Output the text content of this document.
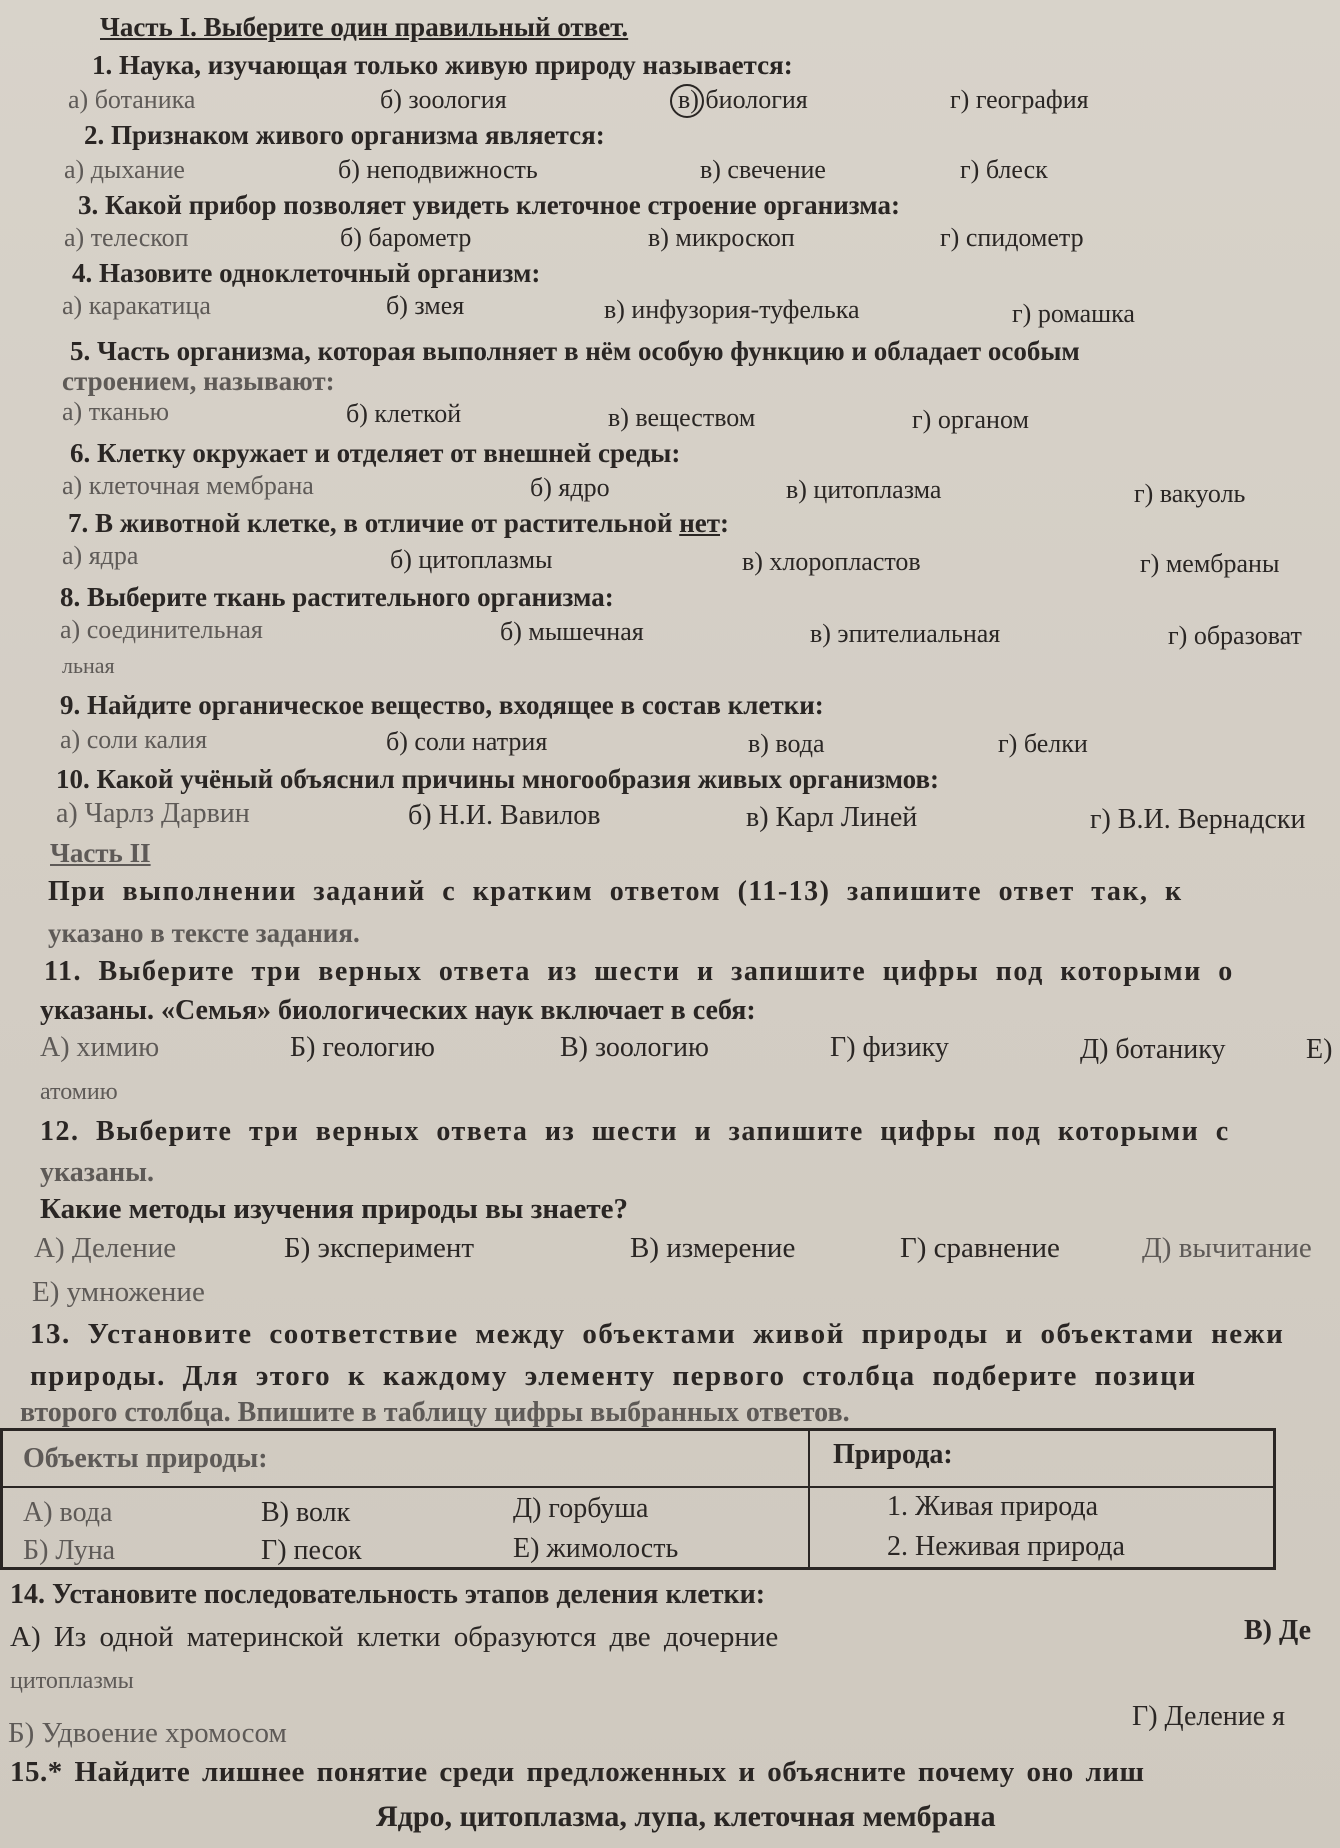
Часть I. Выберите один правильный ответ.
1. Наука, изучающая только живую природу называется:
а) ботаника	б) зоология	в) биология	г) география
2. Признаком живого организма является:
а) дыхание	б) неподвижность	в) свечение	г) блеск
3. Какой прибор позволяет увидеть клеточное строение организма:
а) телескоп	б) барометр	в) микроскоп	г) спидометр
4. Назовите одноклеточный организм:
а) каракатица	б) змея	в) инфузория-туфелька	г) ромашка
5. Часть организма, которая выполняет в нём особую функцию и обладает особым
строением, называют:
а) тканью	б) клеткой	в) веществом	г) органом
6. Клетку окружает и отделяет от внешней среды:
а) клеточная мембрана	б) ядро	в) цитоплазма	г) вакуоль
7. В животной клетке, в отличие от растительной нет:
а) ядра	б) цитоплазмы	в) хлоропластов	г) мембраны
8. Выберите ткань растительного организма:
а) соединительная	б) мышечная	в) эпителиальная	г) образоват
льная
9. Найдите органическое вещество, входящее в состав клетки:
а) соли калия	б) соли натрия	в) вода	г) белки
10. Какой учёный объяснил причины многообразия живых организмов:
а) Чарлз Дарвин	б) Н.И. Вавилов	в) Карл Линей	г) В.И. Вернадски
Часть II
При выполнении заданий с кратким ответом (11-13) запишите ответ так, к
указано в тексте задания.
11. Выберите три верных ответа из шести и запишите цифры под которыми о
указаны. «Семья» биологических наук включает в себя:
А) химию	Б) геологию	В) зоологию	Г) физику	Д) ботанику	Е)
атомию
12. Выберите три верных ответа из шести и запишите цифры под которыми с
указаны.
Какие методы изучения природы вы знаете?
А) Деление	Б) эксперимент	В) измерение	Г) сравнение	Д) вычитание
Е) умножение
13. Установите соответствие между объектами живой природы и объектами нежи
природы. Для этого к каждому элементу первого столбца подберите позици
второго столбца. Впишите в таблицу цифры выбранных ответов.
Объекты природы:	Природа:
А) вода	В) волк	Д) горбуша
Б) Луна	Г) песок	Е) жимолость
1. Живая природа
2. Неживая природа
14. Установите последовательность этапов деления клетки:
А) Из одной материнской клетки образуются две дочерние	В) Де
цитоплазмы
Г) Деление я
Б) Удвоение хромосом
15.* Найдите лишнее понятие среди предложенных и объясните почему оно лиш
Ядро, цитоплазма, лупа, клеточная мембрана
